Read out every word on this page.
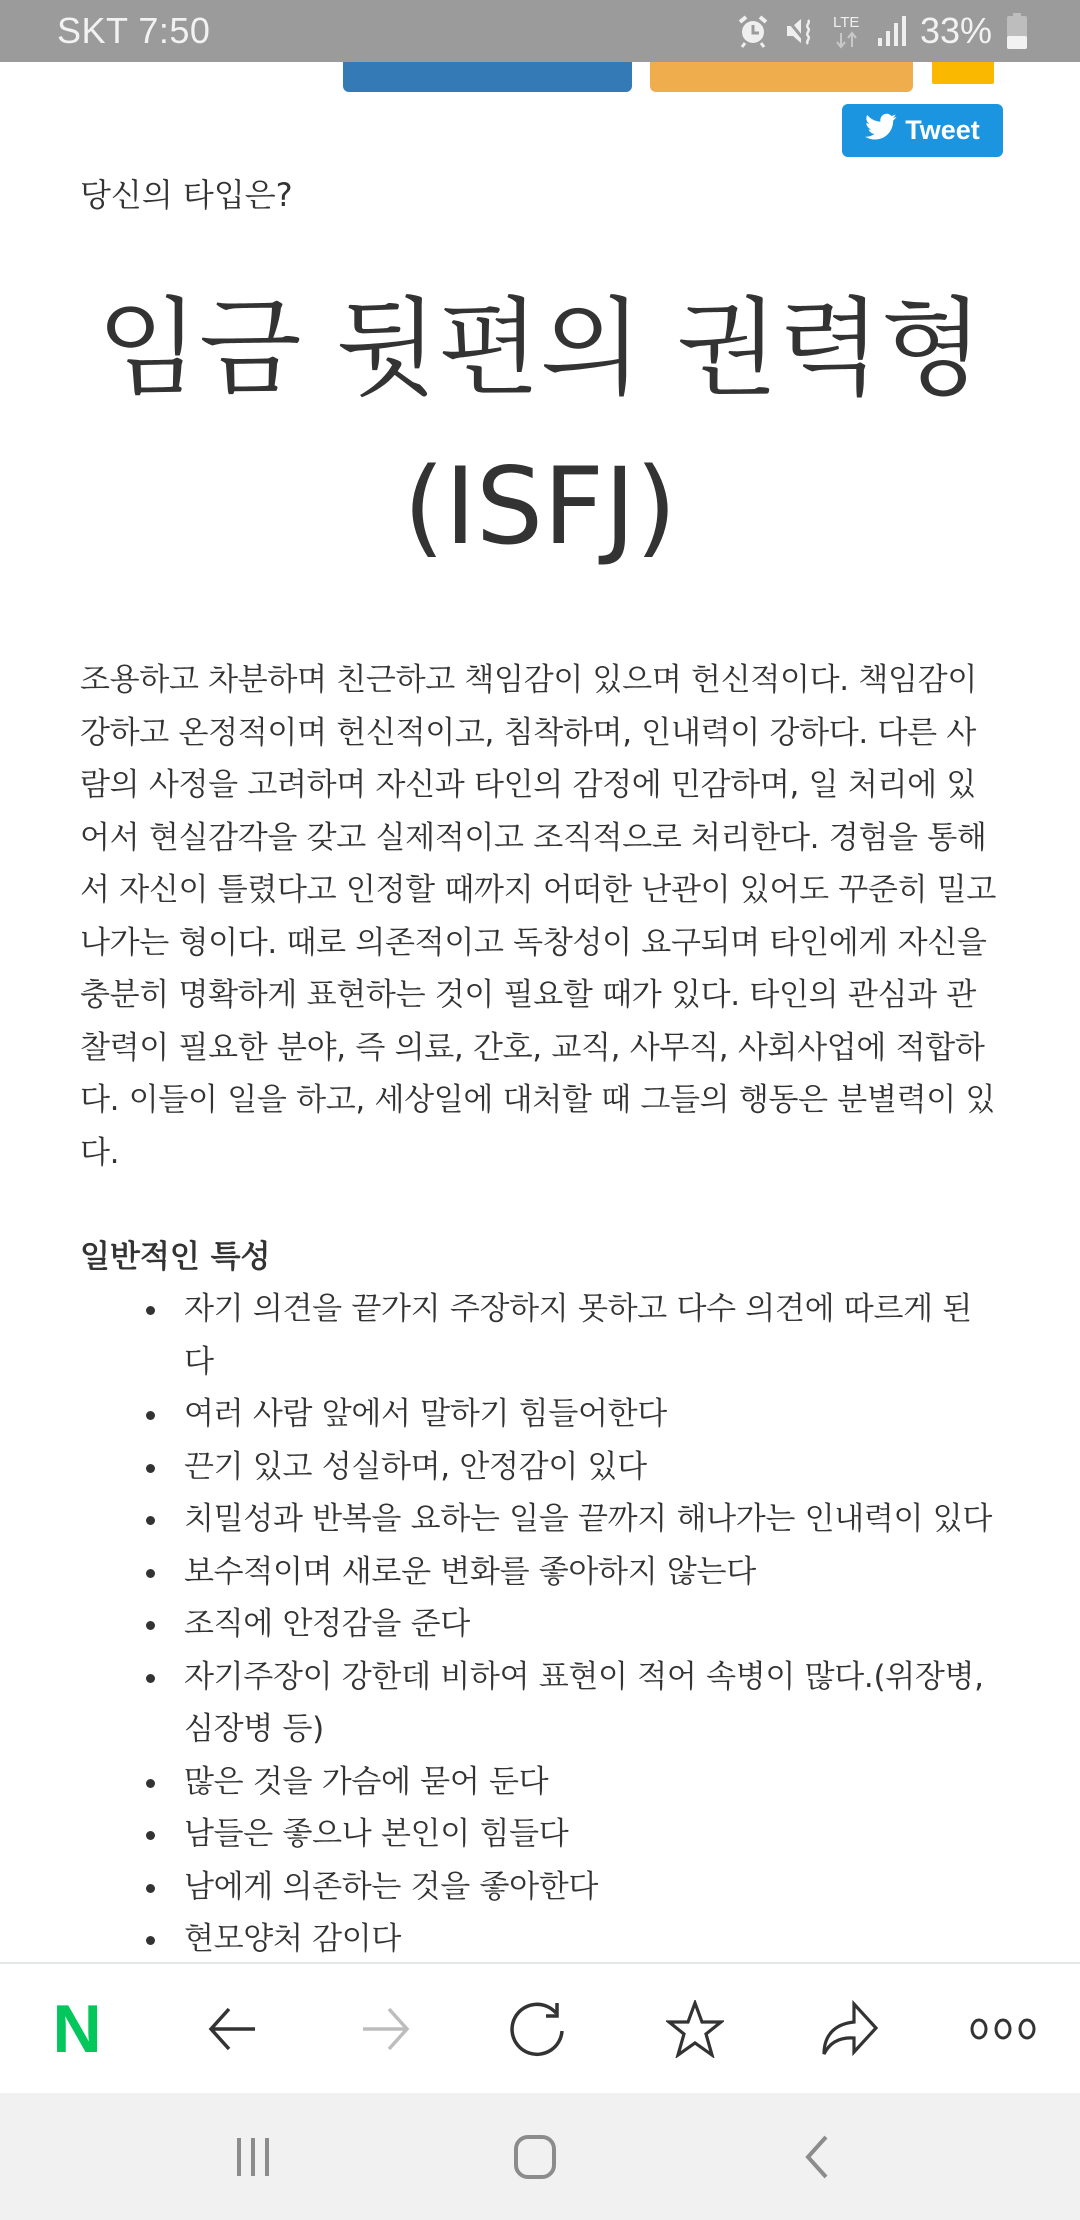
SKT 7:50	LTE 33%
Tweet
당신의 타입은?
임금 뒷편의 권력형
(ISFJ)

조용하고 차분하며 친근하고 책임감이 있으며 헌신적이다. 책임감이 강하고 온정적이며 헌신적이고, 침착하며, 인내력이 강하다. 다른 사람의 사정을 고려하며 자신과 타인의 감정에 민감하며, 일 처리에 있어서 현실감각을 갖고 실제적이고 조직적으로 처리한다. 경험을 통해서 자신이 틀렸다고 인정할 때까지 어떠한 난관이 있어도 꾸준히 밀고 나가는 형이다. 때로 의존적이고 독창성이 요구되며 타인에게 자신을 충분히 명확하게 표현하는 것이 필요할 때가 있다. 타인의 관심과 관찰력이 필요한 분야, 즉 의료, 간호, 교직, 사무직, 사회사업에 적합하다. 이들이 일을 하고, 세상일에 대처할 때 그들의 행동은 분별력이 있다.

일반적인 특성
자기 의견을 끝가지 주장하지 못하고 다수 의견에 따르게 된다
여러 사람 앞에서 말하기 힘들어한다
끈기 있고 성실하며, 안정감이 있다
치밀성과 반복을 요하는 일을 끝까지 해나가는 인내력이 있다
보수적이며 새로운 변화를 좋아하지 않는다
조직에 안정감을 준다
자기주장이 강한데 비하여 표현이 적어 속병이 많다.(위장병, 심장병 등)
많은 것을 가슴에 묻어 둔다
남들은 좋으나 본인이 힘들다
남에게 의존하는 것을 좋아한다
현모양처 감이다
N
